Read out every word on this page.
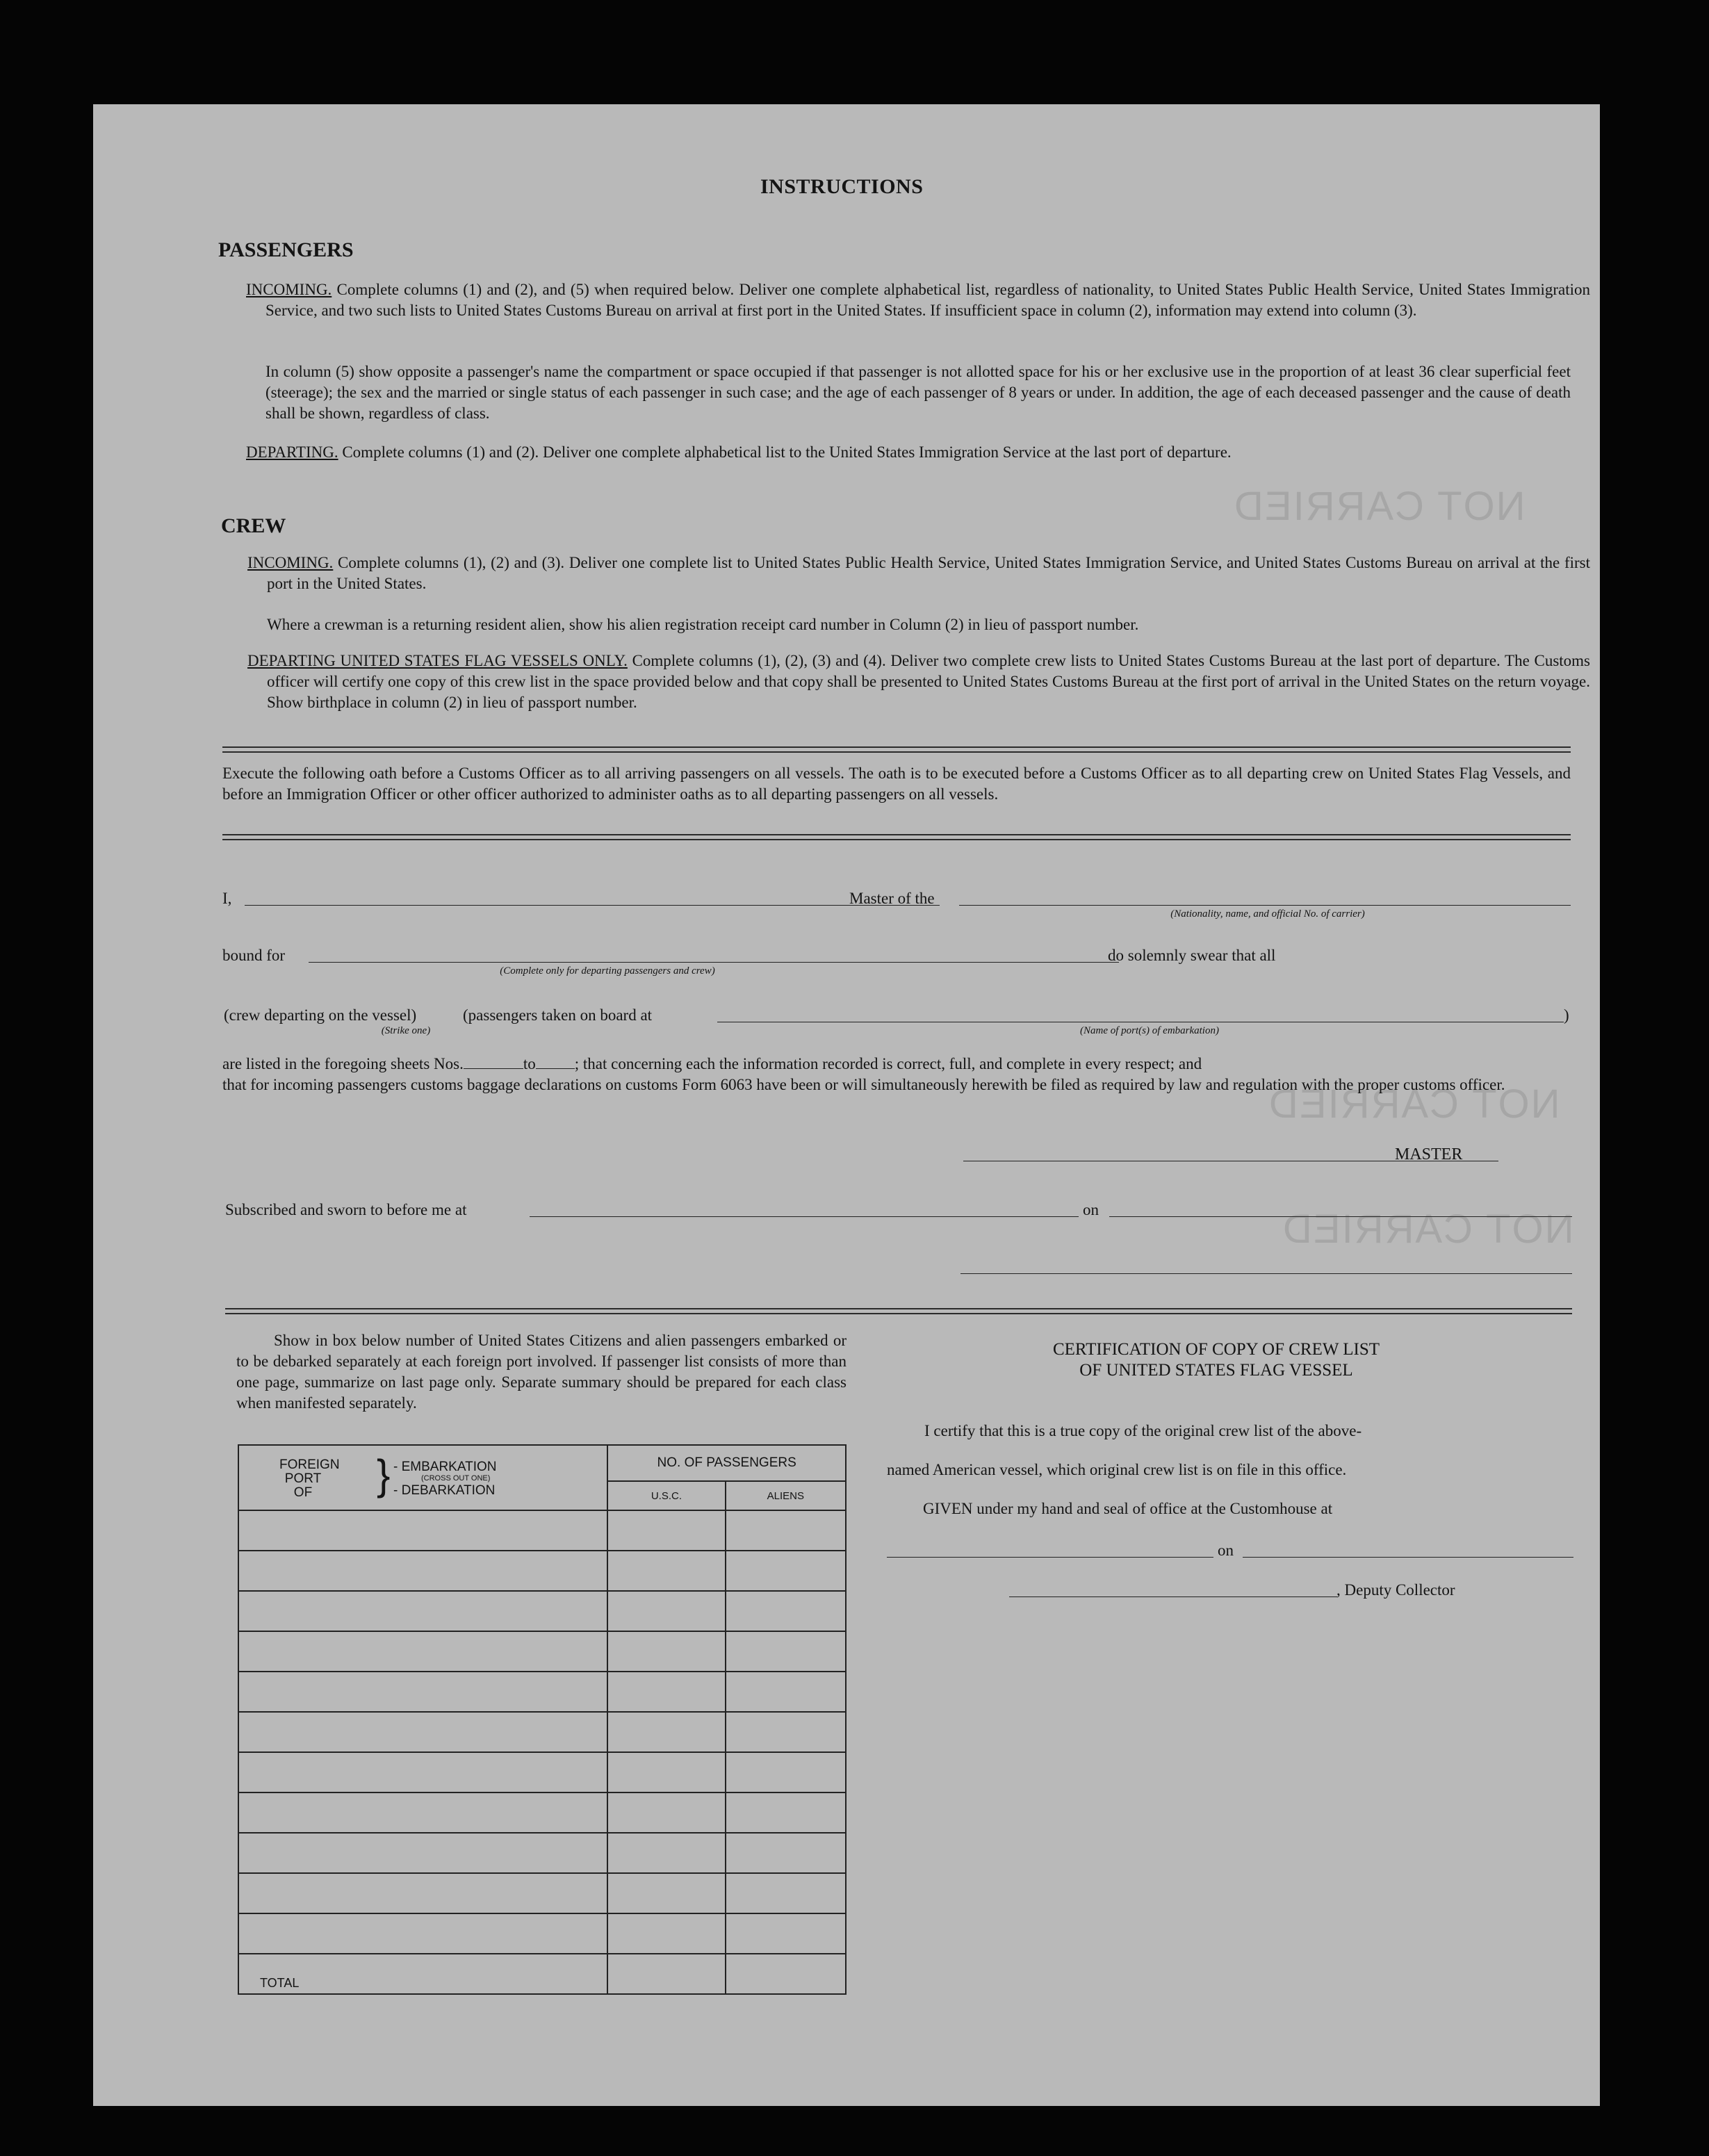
NOT CARRIED
NOT CARRIED
NOT CARRIED
INSTRUCTIONS
PASSENGERS
INCOMING. Complete columns (1) and (2), and (5) when required below. Deliver one complete alphabetical list, regardless of nationality, to United States Public Health Service, United States Immigration Service, and two such lists to United States Customs Bureau on arrival at first port in the United States. If insufficient space in column (2), information may extend into column (3).
In column (5) show opposite a passenger's name the compartment or space occupied if that passenger is not allotted space for his or her exclusive use in the proportion of at least 36 clear superficial feet (steerage); the sex and the married or single status of each passenger in such case; and the age of each passenger of 8 years or under. In addition, the age of each deceased passenger and the cause of death shall be shown, regardless of class.
DEPARTING. Complete columns (1) and (2). Deliver one complete alphabetical list to the United States Immigration Service at the last port of departure.
CREW
INCOMING. Complete columns (1), (2) and (3). Deliver one complete list to United States Public Health Service, United States Immigration Service, and United States Customs Bureau on arrival at the first port in the United States.
Where a crewman is a returning resident alien, show his alien registration receipt card number in Column (2) in lieu of passport number.
DEPARTING UNITED STATES FLAG VESSELS ONLY. Complete columns (1), (2), (3) and (4). Deliver two complete crew lists to United States Customs Bureau at the last port of departure. The Customs officer will certify one copy of this crew list in the space provided below and that copy shall be presented to United States Customs Bureau at the first port of arrival in the United States on the return voyage. Show birthplace in column (2) in lieu of passport number.
Execute the following oath before a Customs Officer as to all arriving passengers on all vessels. The oath is to be executed before a Customs Officer as to all departing crew on United States Flag Vessels, and before an Immigration Officer or other officer authorized to administer oaths as to all departing passengers on all vessels.
I,	Master of the
(Nationality, name, and official No. of carrier)
bound for
(Complete only for departing passengers and crew)
do solemnly swear that all
(crew departing on the vessel)	(passengers taken on board at	)
(Strike one)	(Name of port(s) of embarkation)
are listed in the foregoing sheets Nos.	to ; that concerning each the information recorded is correct, full, and complete in every respect; and
that for incoming passengers customs baggage declarations on customs Form 6063 have been or will simultaneously herewith be filed as required by law and regulation with the proper customs officer.
MASTER
Subscribed and sworn to before me at	on
Show in box below number of United States Citizens and alien passengers embarked or to be debarked separately at each foreign port involved. If passenger list consists of more than one page, summarize on last page only. Separate summary should be prepared for each class when manifested separately.
FOREIGN PORT OF } - EMBARKATION
(CROSS OUT ONE)
- DEBARKATION	NO. OF PASSENGERS	
	U.S.C.	ALIENS

TOTAL		
CERTIFICATION OF COPY OF CREW LIST
OF UNITED STATES FLAG VESSEL
I certify that this is a true copy of the original crew list of the above-
named American vessel, which original crew list is on file in this office.
GIVEN under my hand and seal of office at the Customhouse at
on
, Deputy Collector
